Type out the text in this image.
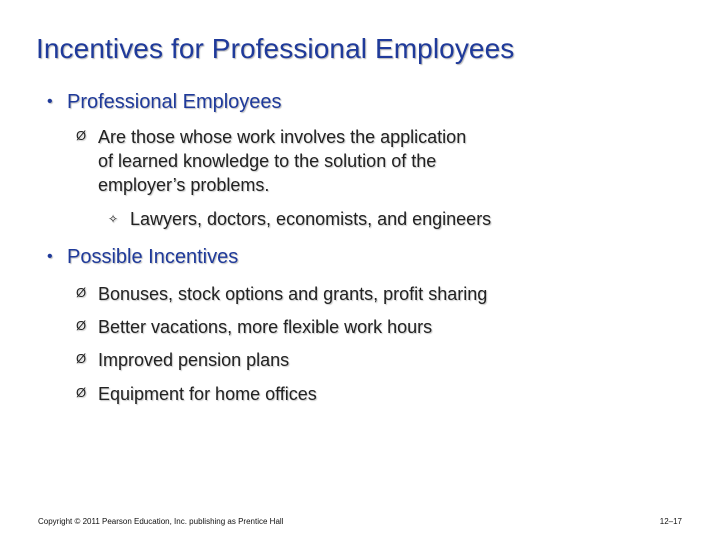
Incentives for Professional Employees
• Professional Employees
Ø Are those whose work involves the application
of learned knowledge to the solution of the
employer’s problems.
✧ Lawyers, doctors, economists, and engineers
• Possible Incentives
Ø Bonuses, stock options and grants, profit sharing
Ø Better vacations, more flexible work hours
Ø Improved pension plans
Ø Equipment for home offices
Copyright © 2011 Pearson Education, Inc. publishing as Prentice Hall	12–17
